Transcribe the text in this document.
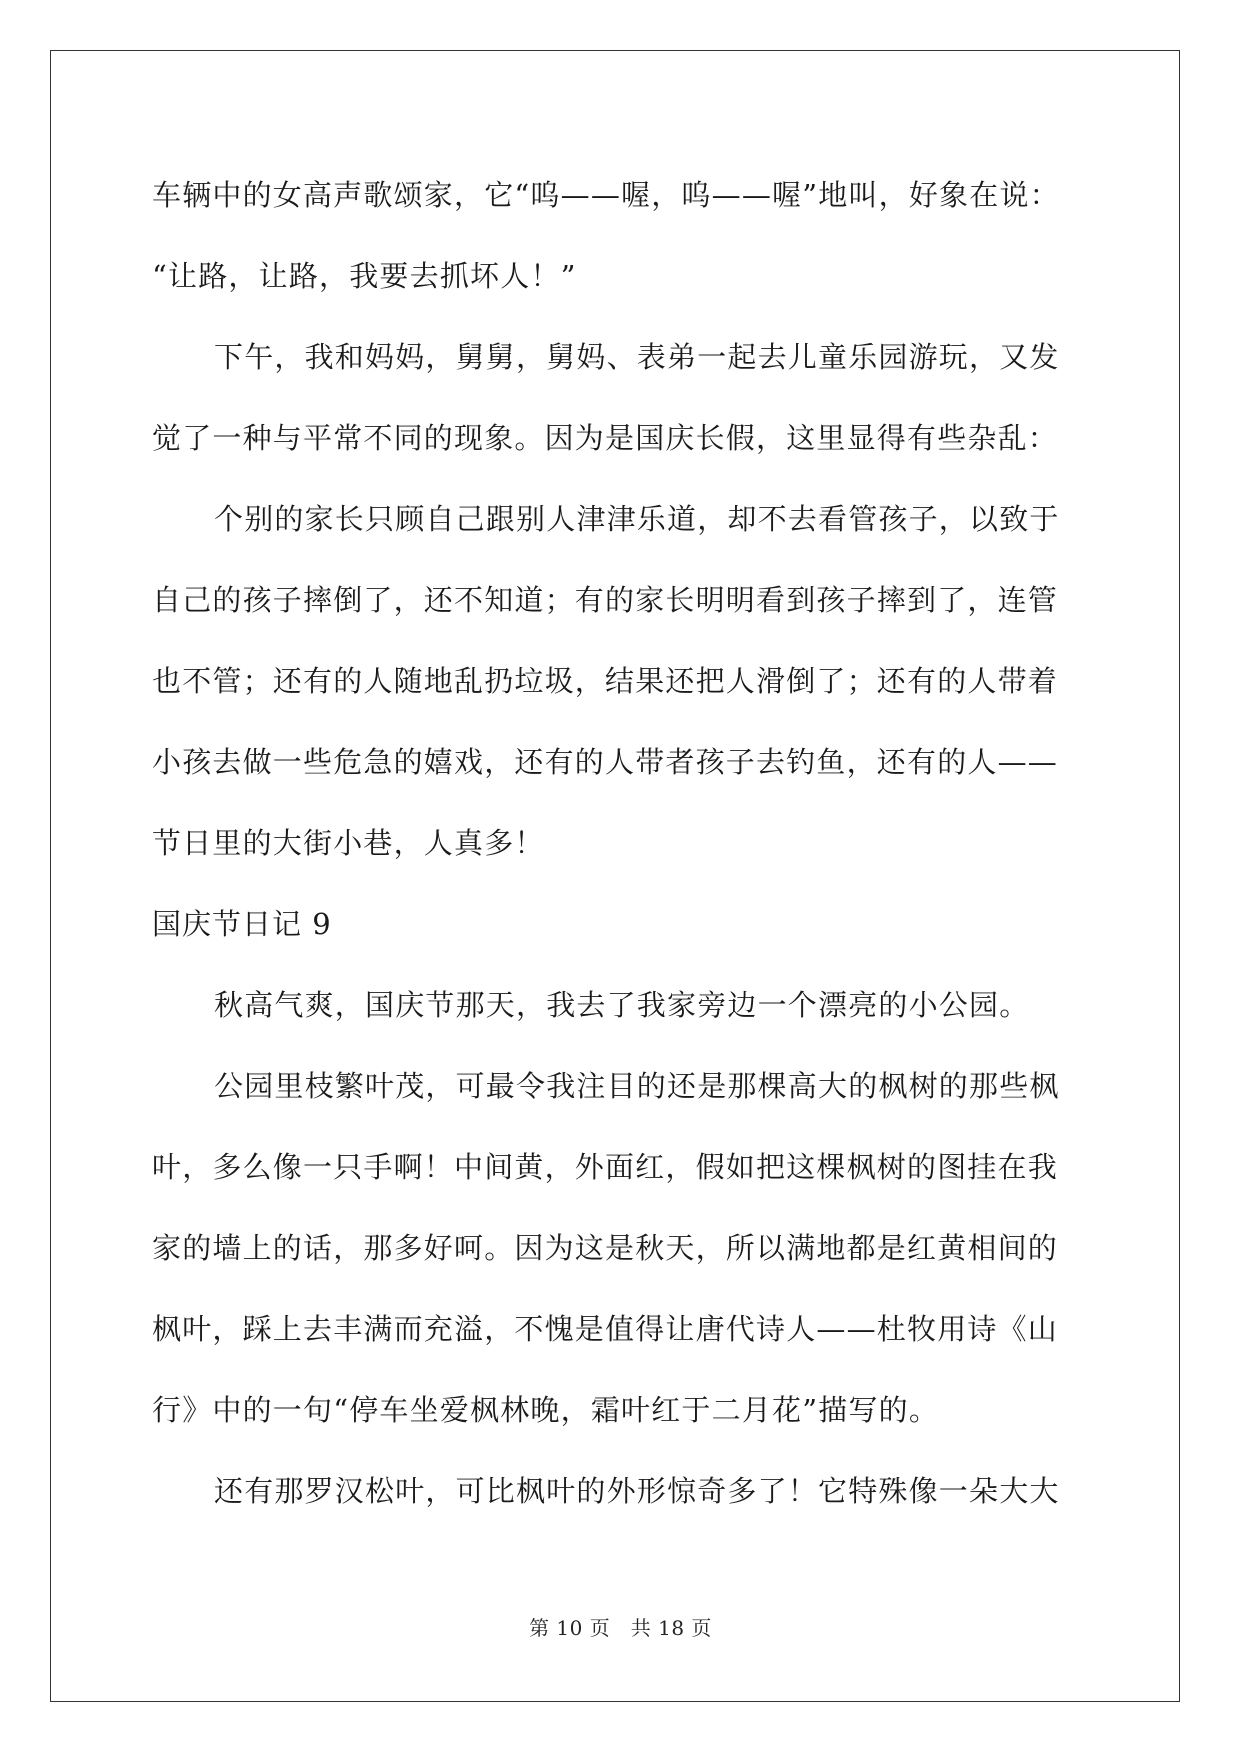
车辆中的女高声歌颂家，它“呜——喔，呜——喔”地叫，好象在说：
“让路，让路，我要去抓坏人！”
下午，我和妈妈，舅舅，舅妈、表弟一起去儿童乐园游玩，又发
觉了一种与平常不同的现象。因为是国庆长假，这里显得有些杂乱：
个别的家长只顾自己跟别人津津乐道，却不去看管孩子，以致于
自己的孩子摔倒了，还不知道；有的家长明明看到孩子摔到了，连管
也不管；还有的人随地乱扔垃圾，结果还把人滑倒了；还有的人带着
小孩去做一些危急的嬉戏，还有的人带者孩子去钓鱼，还有的人——
节日里的大街小巷，人真多！
国庆节日记 9
秋高气爽，国庆节那天，我去了我家旁边一个漂亮的小公园。
公园里枝繁叶茂，可最令我注目的还是那棵高大的枫树的那些枫
叶，多么像一只手啊！中间黄，外面红，假如把这棵枫树的图挂在我
家的墙上的话，那多好呵。因为这是秋天，所以满地都是红黄相间的
枫叶，踩上去丰满而充溢，不愧是值得让唐代诗人——杜牧用诗《山
行》中的一句“停车坐爱枫林晚，霜叶红于二月花”描写的。
还有那罗汉松叶，可比枫叶的外形惊奇多了！它特殊像一朵大大
第 10 页　共 18 页
